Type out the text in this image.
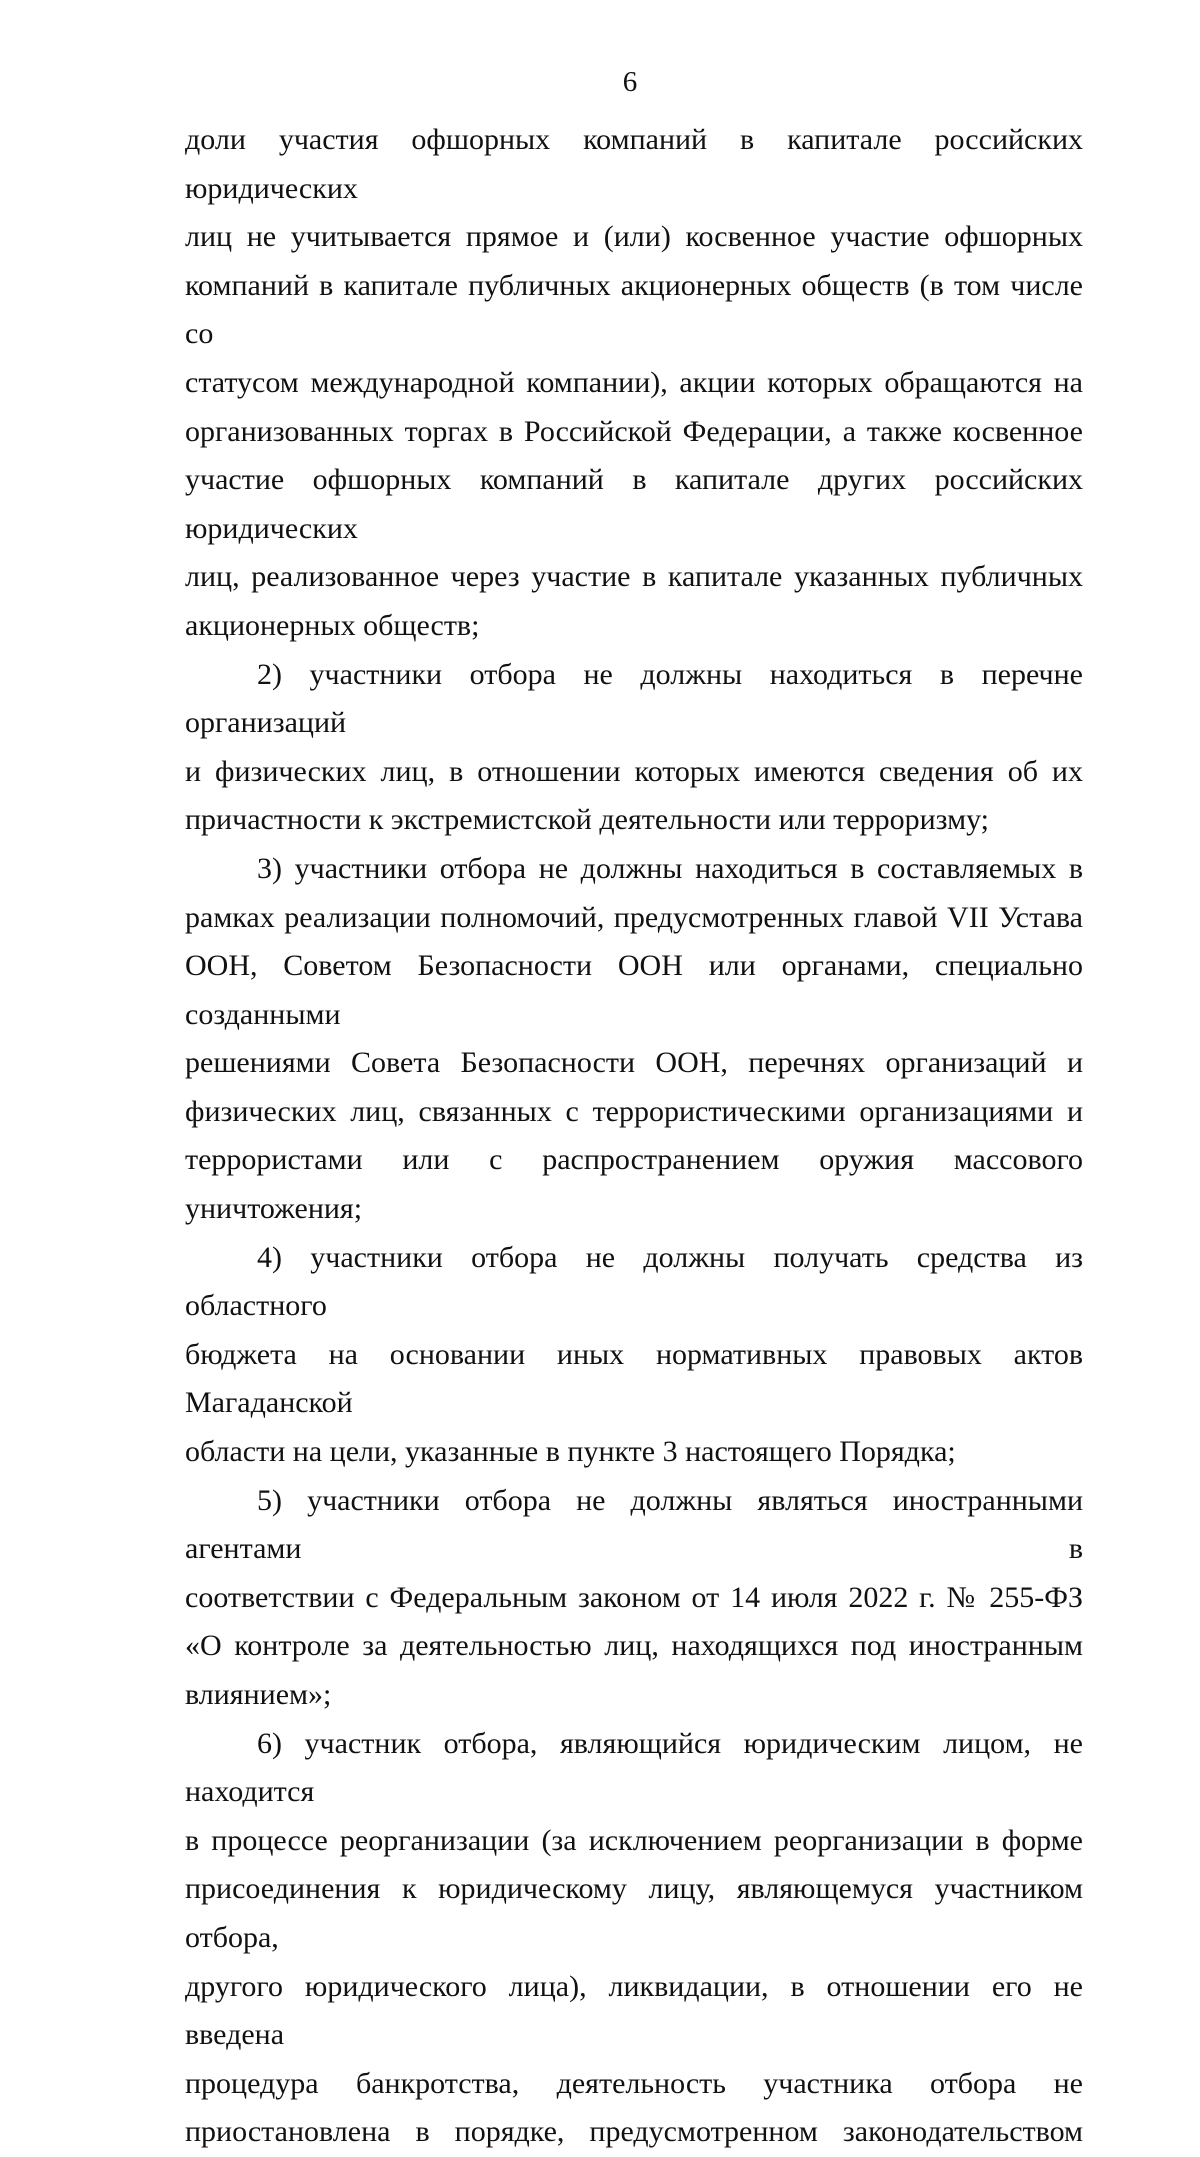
6
доли участия офшорных компаний в капитале российских юридических
лиц не учитывается прямое и (или) косвенное участие офшорных
компаний в капитале публичных акционерных обществ (в том числе со
статусом международной компании), акции которых обращаются на
организованных торгах в Российской Федерации, а также косвенное
участие офшорных компаний в капитале других российских юридических
лиц, реализованное через участие в капитале указанных публичных
акционерных обществ;
2) участники отбора не должны находиться в перечне организаций
и физических лиц, в отношении которых имеются сведения об их
причастности к экстремистской деятельности или терроризму;
3) участники отбора не должны находиться в составляемых в
рамках реализации полномочий, предусмотренных главой VII Устава
ООН, Советом Безопасности ООН или органами, специально созданными
решениями Совета Безопасности ООН, перечнях организаций и
физических лиц, связанных с террористическими организациями и
террористами или с распространением оружия массового уничтожения;
4) участники отбора не должны получать средства из областного
бюджета на основании иных нормативных правовых актов Магаданской
области на цели, указанные в пункте 3 настоящего Порядка;
5) участники отбора не должны являться иностранными агентами в
соответствии с Федеральным законом от 14 июля 2022 г. № 255-ФЗ
«О контроле за деятельностью лиц, находящихся под иностранным
влиянием»;
6) участник отбора, являющийся юридическим лицом, не находится
в процессе реорганизации (за исключением реорганизации в форме
присоединения к юридическому лицу, являющемуся участником отбора,
другого юридического лица), ликвидации, в отношении его не введена
процедура банкротства, деятельность участника отбора не
приостановлена в порядке, предусмотренном законодательством
